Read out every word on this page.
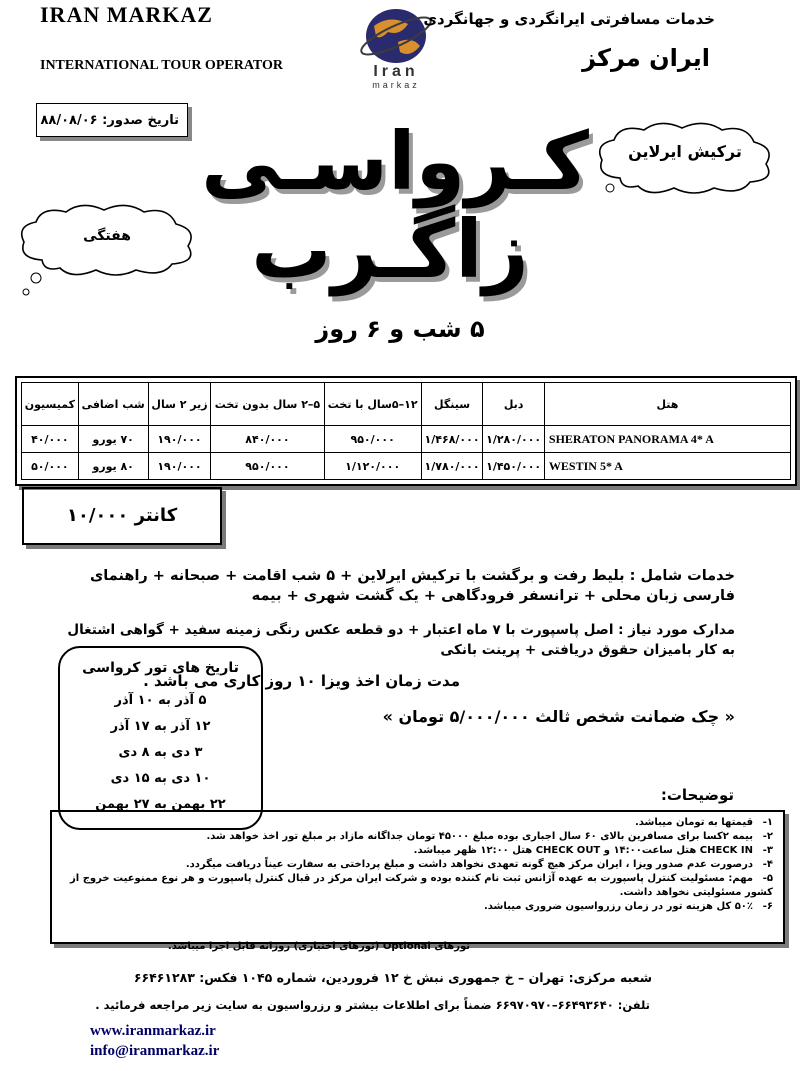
IRAN MARKAZ
INTERNATIONAL TOUR OPERATOR	Iran
markaz
خدمات مسافرتی ایرانگردی و جهانگردی
ایران مرکز
تاریخ صدور: ۸۸/۰۸/۰۶
ترکیش ایرلاین
هفتگی
کـرواسـی
زاگـرب
۵ شب و ۶ روز
هتل	دبل	سینگل	۱۲–۵سال با تخت	۵–۲ سال بدون تخت	زیر ۲ سال	شب اضافی	کمیسیون
SHERATON PANORAMA 4* A	۱/۲۸۰/۰۰۰	۱/۴۶۸/۰۰۰	۹۵۰/۰۰۰	۸۴۰/۰۰۰	۱۹۰/۰۰۰	۷۰ یورو	۴۰/۰۰۰
WESTIN 5* A	۱/۴۵۰/۰۰۰	۱/۷۸۰/۰۰۰	۱/۱۲۰/۰۰۰	۹۵۰/۰۰۰	۱۹۰/۰۰۰	۸۰ یورو	۵۰/۰۰۰
کانتر ۱۰/۰۰۰
خدمات شامل : بلیط رفت و برگشت با ترکیش ایرلاین + ۵ شب اقامت + صبحانه + راهنمای فارسی زبان محلی + ترانسفر فرودگاهی + یک گشت شهری + بیمه
مدارک مورد نیاز : اصل پاسپورت با ۷ ماه اعتبار + دو قطعه عکس رنگی زمینه سفید + گواهی اشتغال به کار بامیزان حقوق دریافتی + پرینت بانکی
تاریخ های تور کرواسی
۵ آذر به ۱۰ آذر
۱۲ آذر به ۱۷ آذر
۳ دی به ۸ دی
۱۰ دی به ۱۵ دی
۲۲ بهمن به ۲۷ بهمن
مدت زمان اخذ ویزا ۱۰ روز کاری می باشد .
« چک ضمانت شخص ثالث ۵/۰۰۰/۰۰۰ تومان »
توضیحات:
۱-قیمتها به تومان میباشد.
۲-بیمه ۲کسا برای مسافرین بالای ۶۰ سال اجباری بوده مبلغ ۴۵۰۰۰ تومان جداگانه مازاد بر مبلغ تور اخذ خواهد شد.
۳-CHECK IN هتل ساعت۱۴:۰۰ و CHECK OUT هتل ۱۲:۰۰ ظهر میباشد.
۴-درصورت عدم صدور ویزا ، ایران مرکز هیچ گونه تعهدی نخواهد داشت و مبلغ پرداختی به سفارت عیناً دریافت میگردد.
۵-مهم: مسئولیت کنترل پاسپورت به عهده آژانس ثبت نام کننده بوده و شرکت ایران مرکز در قبال کنترل پاسپورت و هر نوع ممنوعیت خروج از کشور مسئولیتی نخواهد داشت.
۶-۵۰٪ کل هزینه تور در زمان رزرواسیون ضروری میباشد.
تورهای Optional (تورهای اختیاری) روزانه قابل اجرا میباشد.
شعبه مرکزی: تهران – خ جمهوری نبش خ ۱۲ فروردین، شماره ۱۰۴۵ فکس: ۶۶۴۶۱۲۸۳
تلفن: ۶۶۴۹۳۶۴۰–۶۶۹۷۰۹۷۰ ضمناً برای اطلاعات بیشتر و رزرواسیون به سایت زیر مراجعه فرمائید .
www.iranmarkaz.ir
info@iranmarkaz.ir
